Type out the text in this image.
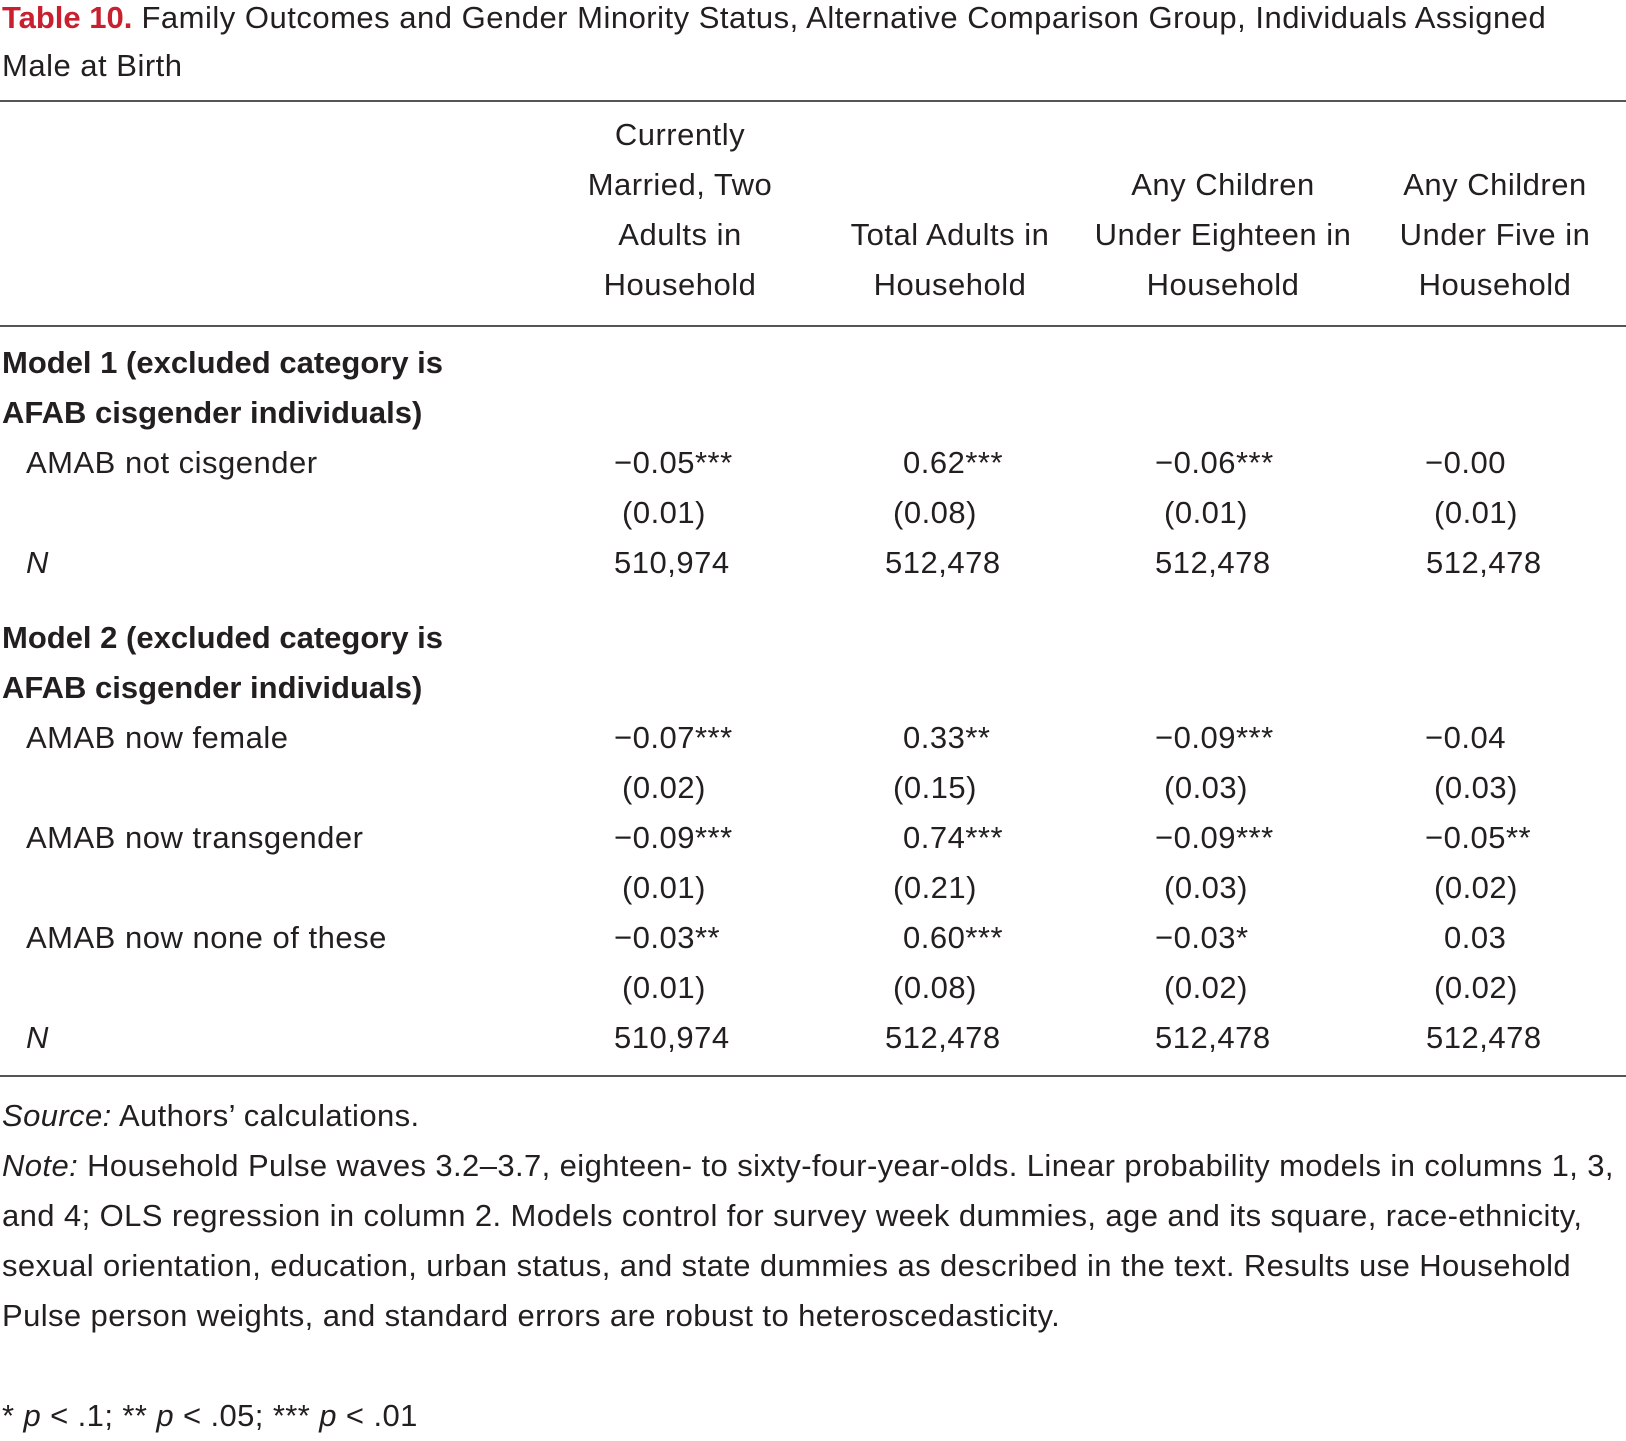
Table 10. Family Outcomes and Gender Minority Status, Alternative Comparison Group, Individuals Assigned Male at Birth
Currently Married, Two Adults in Household
Total Adults in Household
Any Children Under Eighteen in Household
Any Children Under Five in Household
Model 1 (excluded category is
AFAB cisgender individuals)
AMAB not cisgender	−0.05***	0.62***	−0.06***	−0.00
(0.01)	(0.08)	(0.01)	(0.01)
N	510,974	512,478	512,478	512,478
Model 2 (excluded category is
AFAB cisgender individuals)
AMAB now female	−0.07***	0.33**	−0.09***	−0.04
(0.02)	(0.15)	(0.03)	(0.03)
AMAB now transgender	−0.09***	0.74***	−0.09***	−0.05**
(0.01)	(0.21)	(0.03)	(0.02)
AMAB now none of these	−0.03**	0.60***	−0.03*	0.03
(0.01)	(0.08)	(0.02)	(0.02)
N	510,974	512,478	512,478	512,478
Source: Authors’ calculations.
Note: Household Pulse waves 3.2–3.7, eighteen- to sixty-four-year-olds. Linear probability models in columns 1, 3, and 4; OLS regression in column 2. Models control for survey week dummies, age and its square, race-ethnicity, sexual orientation, education, urban status, and state dummies as described in the text. Results use Household Pulse person weights, and standard errors are robust to heteroscedasticity.
* p < .1; ** p < .05; *** p < .01
